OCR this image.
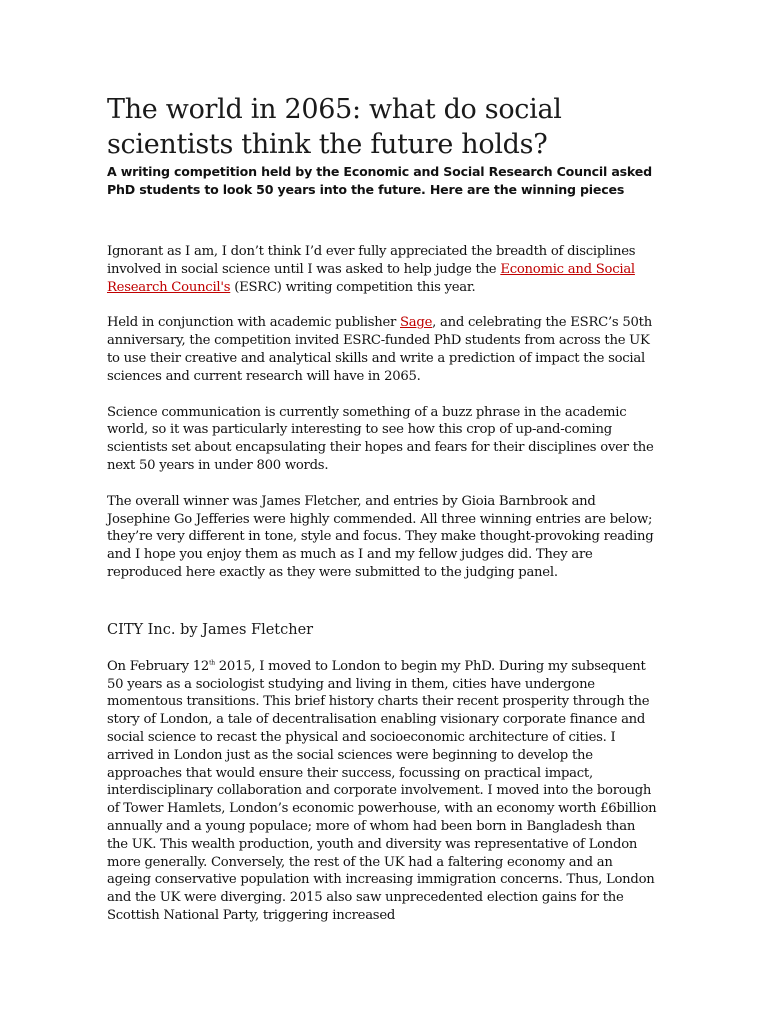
The world in 2065: what do social scientists think the future holds?
A writing competition held by the Economic and Social Research Council asked PhD students to look 50 years into the future. Here are the winning pieces

Ignorant as I am, I don’t think I’d ever fully appreciated the breadth of disciplines involved in social science until I was asked to help judge the Economic and Social Research Council's (ESRC) writing competition this year.

Held in conjunction with academic publisher Sage, and celebrating the ESRC’s 50th anniversary, the competition invited ESRC-funded PhD students from across the UK to use their creative and analytical skills and write a prediction of impact the social sciences and current research will have in 2065.

Science communication is currently something of a buzz phrase in the academic world, so it was particularly interesting to see how this crop of up-and-coming scientists set about encapsulating their hopes and fears for their disciplines over the next 50 years in under 800 words.

The overall winner was James Fletcher, and entries by Gioia Barnbrook and Josephine Go Jefferies were highly commended. All three winning entries are below; they’re very different in tone, style and focus. They make thought-provoking reading and I hope you enjoy them as much as I and my fellow judges did. They are reproduced here exactly as they were submitted to the judging panel.

CITY Inc. by James Fletcher

On February 12th 2015, I moved to London to begin my PhD. During my subsequent 50 years as a sociologist studying and living in them, cities have undergone momentous transitions. This brief history charts their recent prosperity through the story of London, a tale of decentralisation enabling visionary corporate finance and social science to recast the physical and socioeconomic architecture of cities. I arrived in London just as the social sciences were beginning to develop the approaches that would ensure their success, focussing on practical impact, interdisciplinary collaboration and corporate involvement. I moved into the borough of Tower Hamlets, London’s economic powerhouse, with an economy worth £6billion annually and a young populace; more of whom had been born in Bangladesh than the UK. This wealth production, youth and diversity was representative of London more generally. Conversely, the rest of the UK had a faltering economy and an ageing conservative population with increasing immigration concerns. Thus, London and the UK were diverging. 2015 also saw unprecedented election gains for the Scottish National Party, triggering increased
